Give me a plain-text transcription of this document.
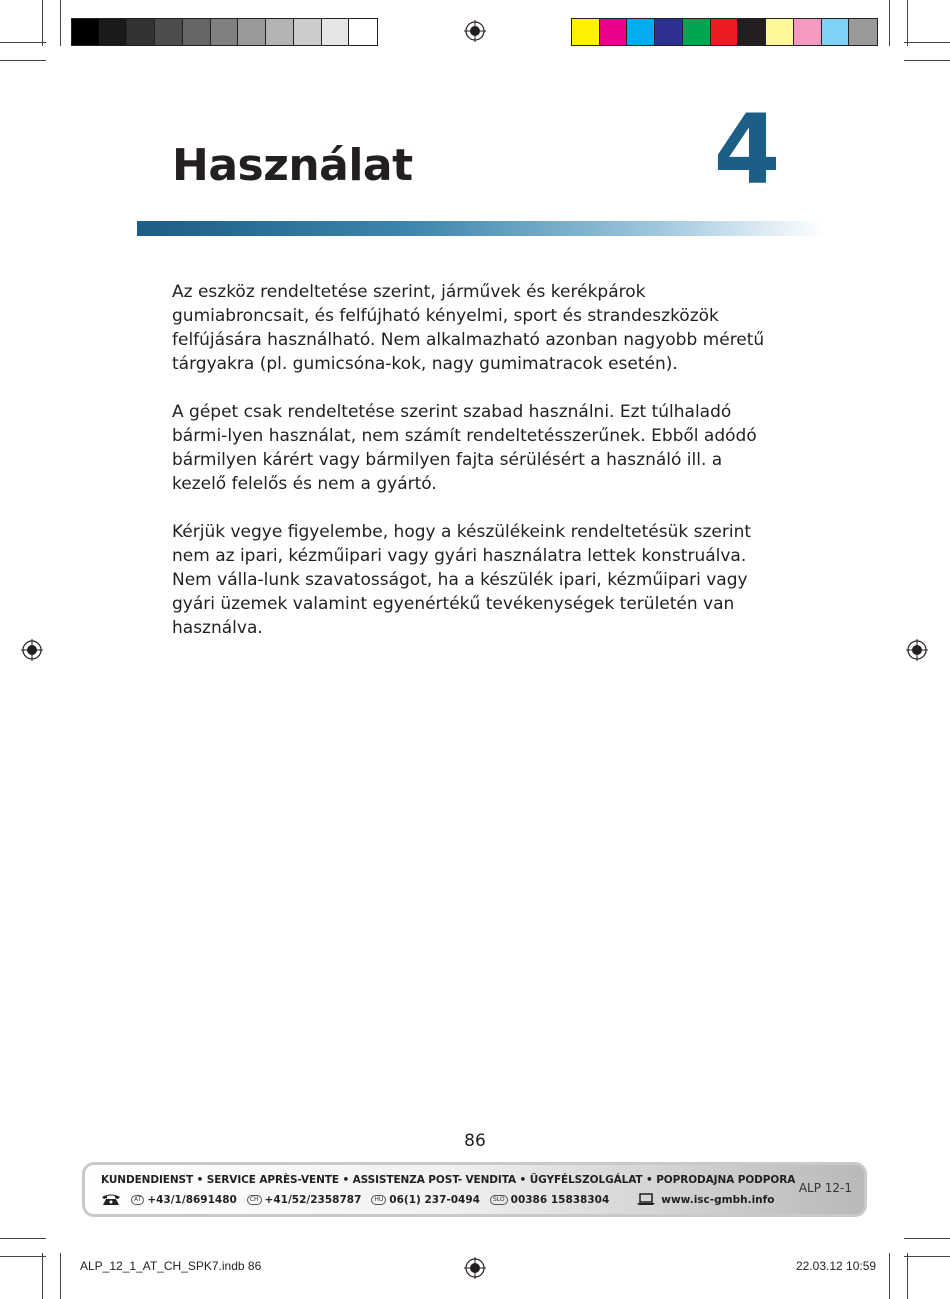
Használat	4

Az eszköz rendeltetése szerint, járművek és kerékpárok gumiabroncsait, és felfújható kényelmi, sport és strandeszközök felfújására használható. Nem alkalmazható azonban nagyobb méretű tárgyakra (pl. gumicsóna-kok, nagy gumimatracok esetén).

A gépet csak rendeltetése szerint szabad használni. Ezt túlhaladó bármi-lyen használat, nem számít rendeltetésszerűnek. Ebből adódó bármilyen kárért vagy bármilyen fajta sérülésért a használó ill. a kezelő felelős és nem a gyártó.

Kérjük vegye figyelembe, hogy a készülékeink rendeltetésük szerint nem az ipari, kézműipari vagy gyári használatra lettek konstruálva. Nem válla-lunk szavatosságot, ha a készülék ipari, kézműipari vagy gyári üzemek valamint egyenértékű tevékenységek területén van használva.

86
KUNDENDIENST • SERVICE APRÈS-VENTE • ASSISTENZA POST- VENDITA • ÜGYFÉLSZOLGÁLAT • POPRODAJNA PODPORA
AT +43/1/8691480	CH +41/52/2358787	HU 06(1) 237-0494	SLO 00386 15838304	www.isc-gmbh.info
ALP 12-1
ALP_12_1_AT_CH_SPK7.indb 86	22.03.12 10:59
